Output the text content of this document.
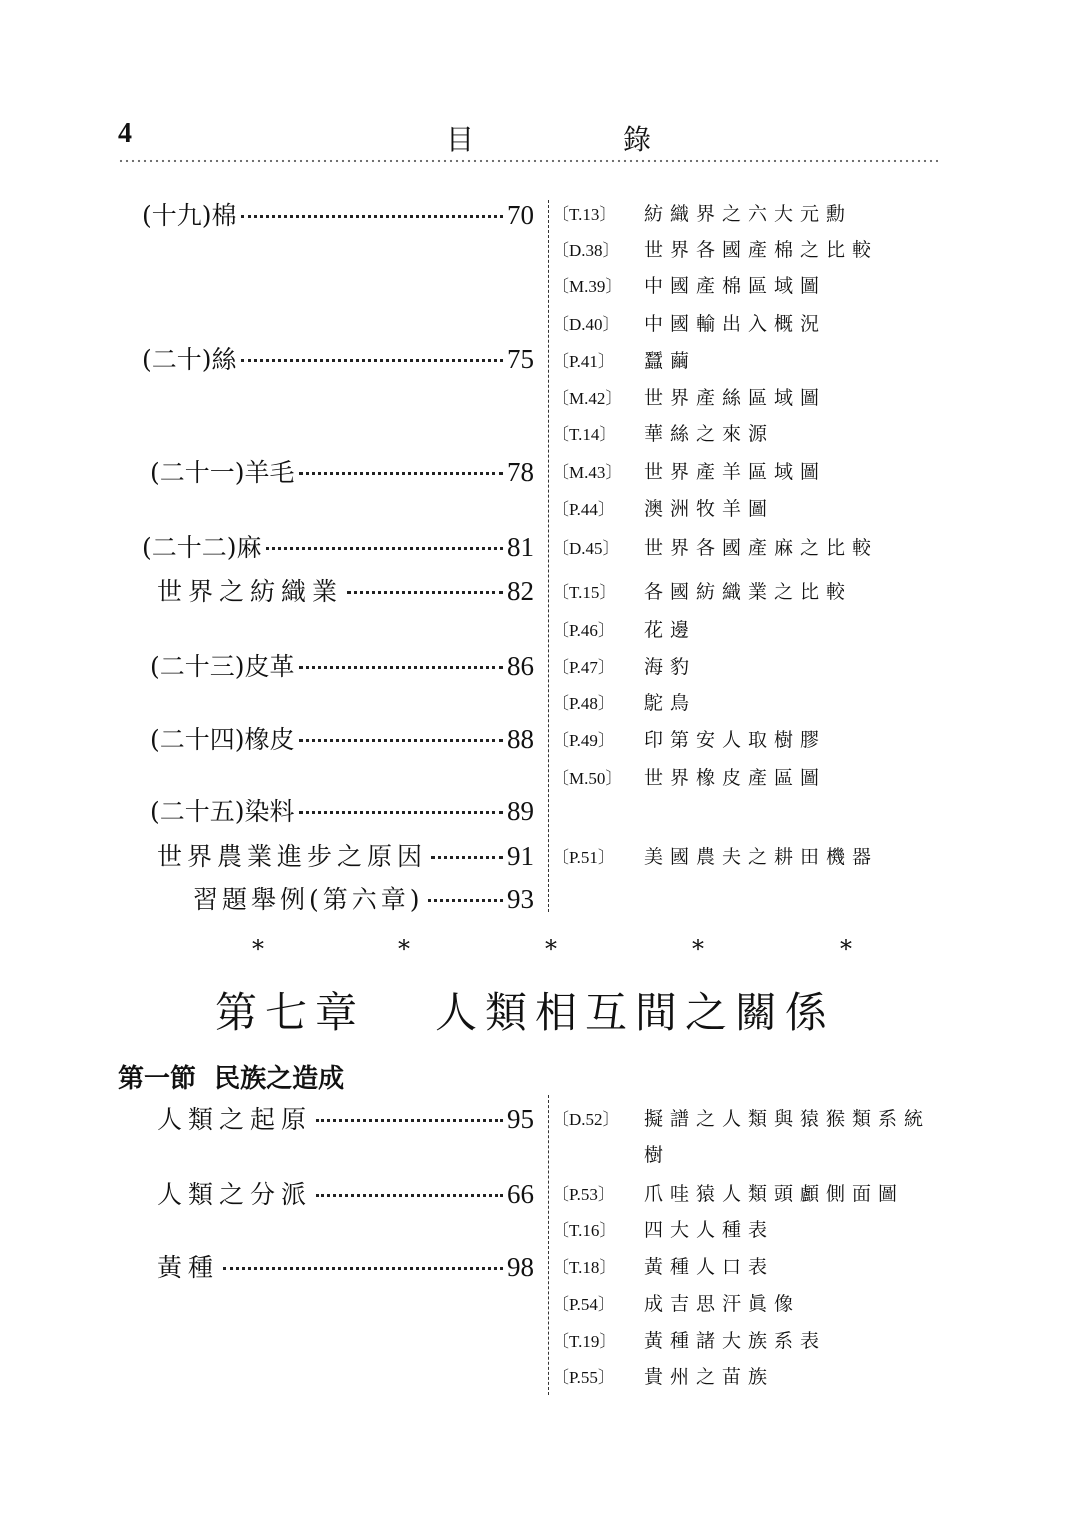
4	目	錄
(十九)棉	70 〔T.13〕 紡織界之六大元勳
〔D.38〕 世界各國產棉之比較
〔M.39〕 中國產棉區域圖
〔D.40〕 中國輸出入概況
(二十)絲	75 〔P.41〕 蠶繭
〔M.42〕 世界產絲區域圖
〔T.14〕 華絲之來源
(二十一)羊毛	78 〔M.43〕 世界產羊區域圖
〔P.44〕 澳洲牧羊圖
(二十二)麻	81 〔D.45〕 世界各國產麻之比較
世界之紡織業	82 〔T.15〕 各國紡織業之比較
〔P.46〕 花邊
(二十三)皮革	86 〔P.47〕 海豹
〔P.48〕 鴕鳥
(二十四)橡皮	88 〔P.49〕 印第安人取樹膠
〔M.50〕 世界橡皮產區圖
(二十五)染料	89
世界農業進步之原因	91 〔P.51〕 美國農夫之耕田機器
習題舉例(第六章)	93
*	*	*	*	*
第七章 人類相互間之關係
第一節 民族之造成
人類之起原	95 〔D.52〕 擬譜之人類與猿猴類系統
樹
人類之分派	66 〔P.53〕 爪哇猿人類頭顱側面圖
〔T.16〕 四大人種表
黃種	98 〔T.18〕 黃種人口表
〔P.54〕 成吉思汗眞像
〔T.19〕 黃種諸大族系表
〔P.55〕 貴州之苗族
